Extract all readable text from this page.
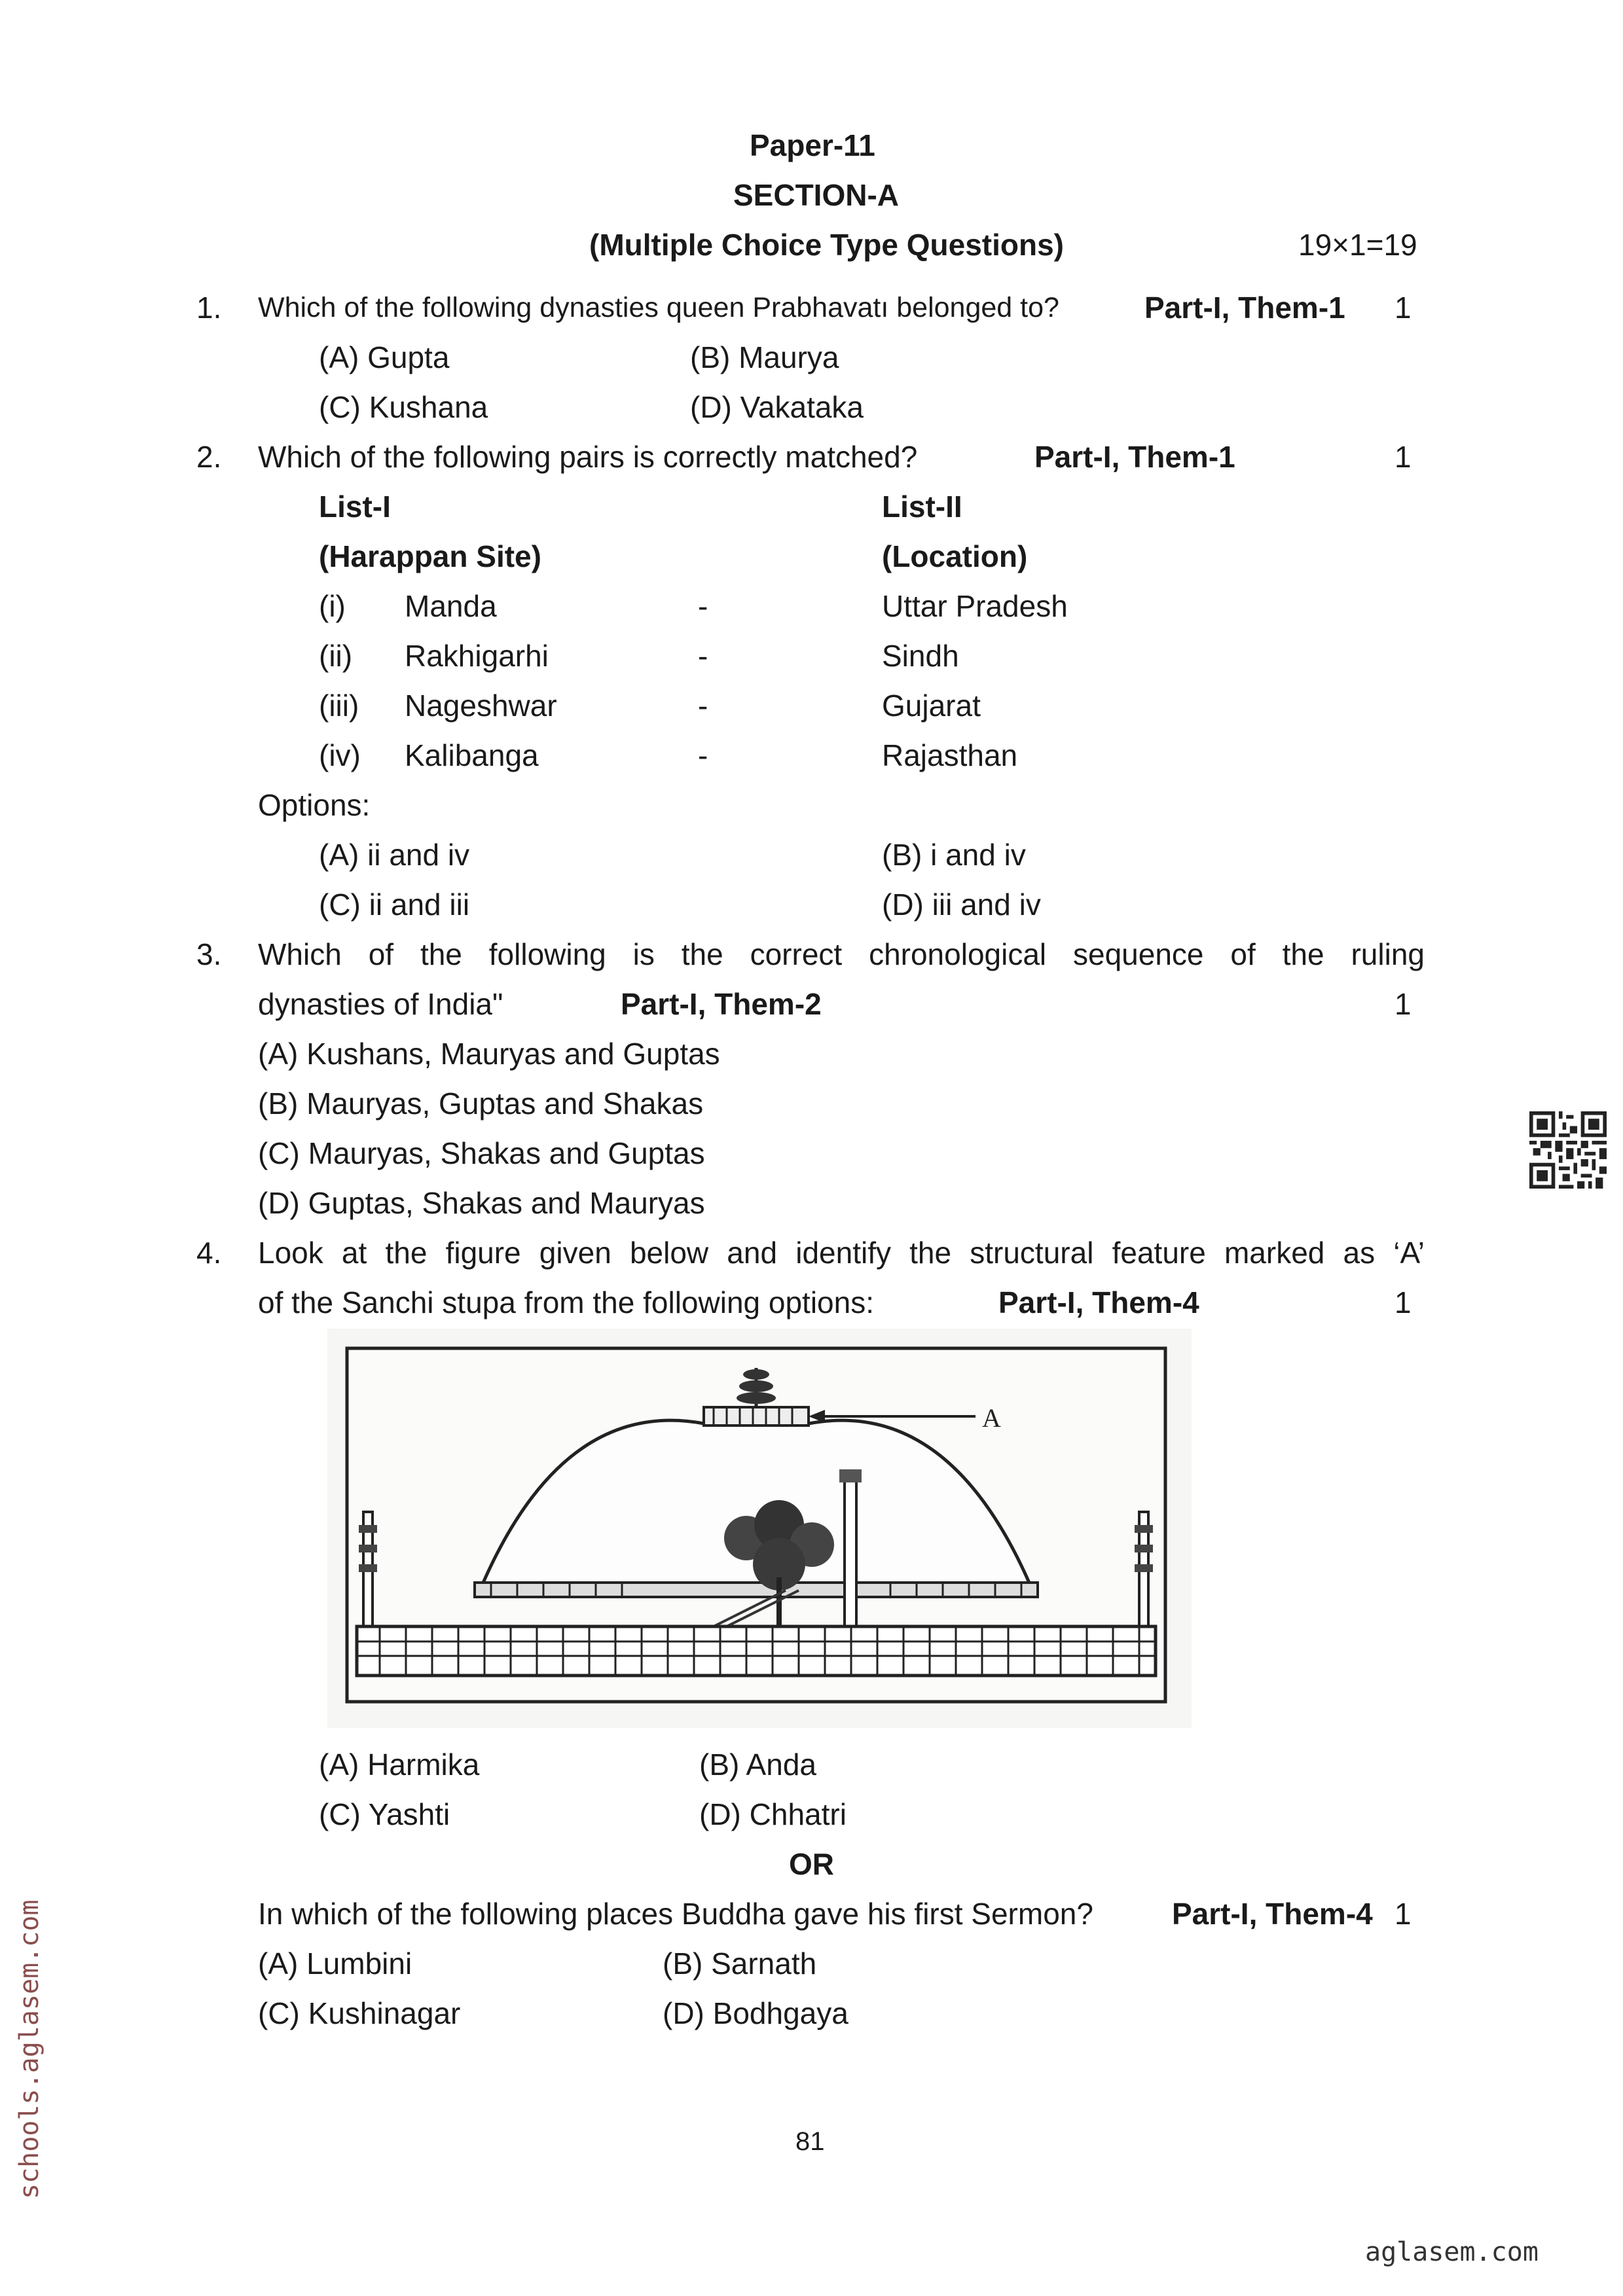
Paper-11
SECTION-A
(Multiple Choice Type Questions)	19×1=19
1. Which of the following dynasties queen Prabhavatı belonged to?	Part-I, Them-1 1
(A) Gupta	(B) Maurya
(C) Kushana	(D) Vakataka
2. Which of the following pairs is correctly matched?	Part-I, Them-1	1
List-I	List-II
(Harappan Site)	(Location)
(i) Manda	-	Uttar Pradesh
(ii) Rakhigarhi	-	Sindh
(iii) Nageshwar	-	Gujarat
(iv) Kalibanga	-	Rajasthan
Options:
(A) ii and iv	(B) i and iv
(C) ii and iii	(D) iii and iv
3. Which of the following is the correct chronological sequence of the ruling
dynasties of India"	Part-I, Them-2	1
(A) Kushans, Mauryas and Guptas
(B) Mauryas, Guptas and Shakas
(C) Mauryas, Shakas and Guptas
(D) Guptas, Shakas and Mauryas
4. Look at the figure given below and identify the structural feature marked as ‘A’
of the Sanchi stupa from the following options:	Part-I, Them-4	1
A
(A) Harmika	(B) Anda
(C) Yashti	(D) Chhatri
OR
In which of the following places Buddha gave his first Sermon?	Part-I, Them-4 1
(A) Lumbini	(B) Sarnath
(C) Kushinagar	(D) Bodhgaya
81
schools.aglasem.com
aglasem.com
